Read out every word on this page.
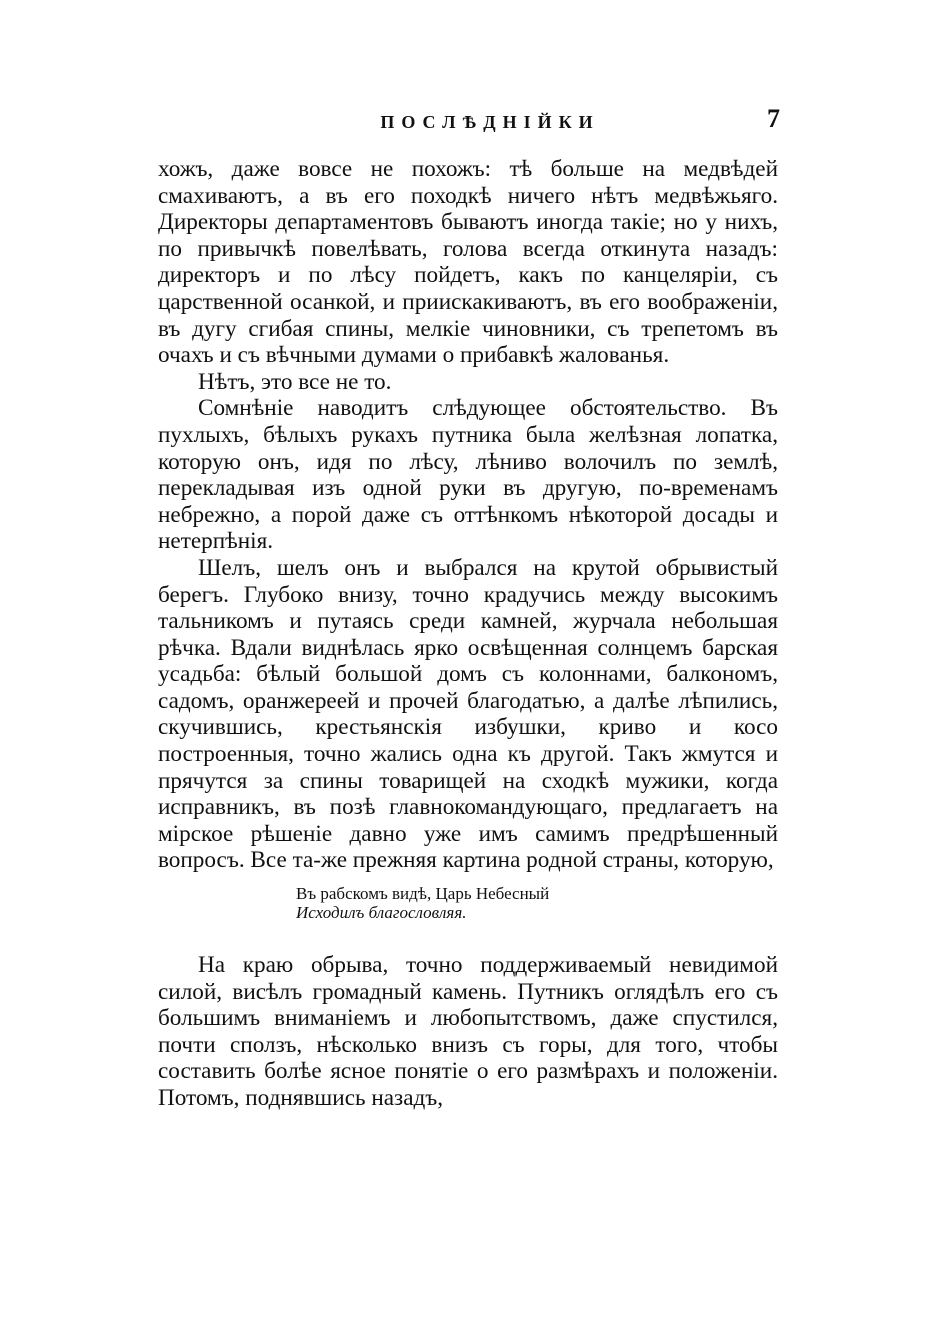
ПОСЛѢДНІЙКИ	7

хожъ, даже вовсе не похожъ: тѣ больше на медвѣдей смахиваютъ, а въ его походкѣ ничего нѣтъ медвѣжьяго. Директоры департаментовъ бываютъ иногда такіе; но у нихъ, по привычкѣ повелѣвать, голова всегда откинута назадъ: директоръ и по лѣсу пойдетъ, какъ по канцеляріи, съ царственной осанкой, и приискакиваютъ, въ его воображеніи, въ дугу сгибая спины, мелкіе чиновники, съ трепетомъ въ очахъ и съ вѣчными думами о прибавкѣ жалованья.

Нѣтъ, это все не то.

Сомнѣніе наводитъ слѣдующее обстоятельство. Въ пухлыхъ, бѣлыхъ рукахъ путника была желѣзная лопатка, которую онъ, идя по лѣсу, лѣниво волочилъ по землѣ, перекладывая изъ одной руки въ другую, по-временамъ небрежно, а порой даже съ оттѣнкомъ нѣкоторой досады и нетерпѣнія.

Шелъ, шелъ онъ и выбрался на крутой обрывистый берегъ. Глубоко внизу, точно крадучись между высокимъ тальникомъ и путаясь среди камней, журчала небольшая рѣчка. Вдали виднѣлась ярко освѣщенная солнцемъ барская усадьба: бѣлый большой домъ съ колоннами, балкономъ, садомъ, оранжереей и прочей благодатью, а далѣе лѣпились, скучившись, крестьянскія избушки, криво и косо построенныя, точно жались одна къ другой. Такъ жмутся и прячутся за спины товарищей на сходкѣ мужики, когда исправникъ, въ позѣ главнокомандующаго, предлагаетъ на мірское рѣшеніе давно уже имъ самимъ предрѣшенный вопросъ. Все та-же прежняя картина родной страны, которую,

Въ рабскомъ видѣ, Царь Небесный
Исходилъ благословляя.

На краю обрыва, точно поддерживаемый невидимой силой, висѣлъ громадный камень. Путникъ оглядѣлъ его съ большимъ вниманіемъ и любопытствомъ, даже спустился, почти сползъ, нѣсколько внизъ съ горы, для того, чтобы составить болѣе ясное понятіе о его размѣрахъ и положеніи. Потомъ, поднявшись назадъ,
